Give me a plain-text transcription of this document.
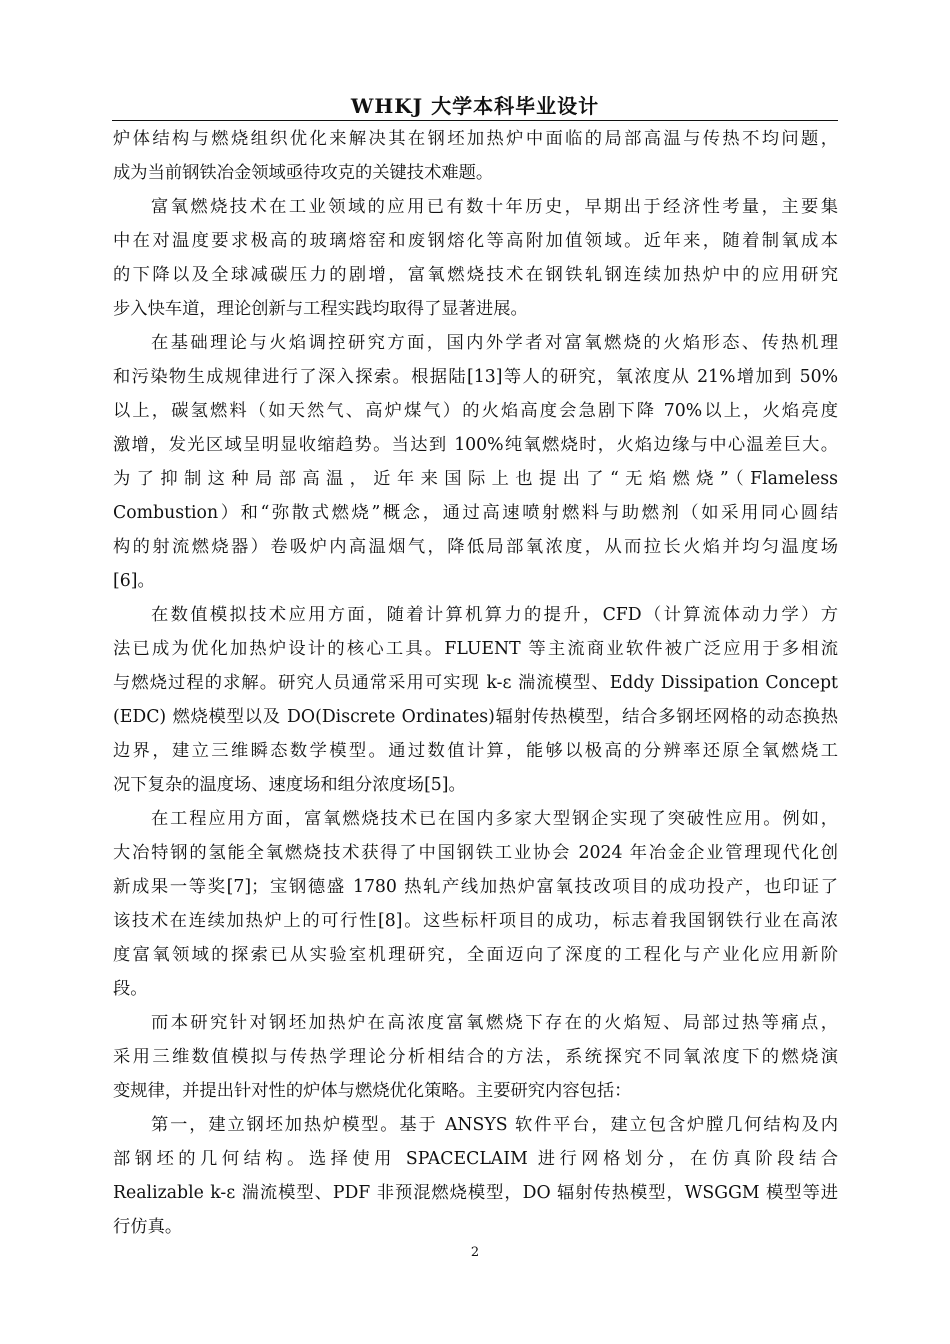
WHKJ 大学本科毕业设计
炉体结构与燃烧组织优化来解决其在钢坯加热炉中面临的局部高温与传热不均问题，
成为当前钢铁冶金领域亟待攻克的关键技术难题。
富氧燃烧技术在工业领域的应用已有数十年历史，早期出于经济性考量，主要集
中在对温度要求极高的玻璃熔窑和废钢熔化等高附加值领域。近年来，随着制氧成本
的下降以及全球减碳压力的剧增，富氧燃烧技术在钢铁轧钢连续加热炉中的应用研究
步入快车道，理论创新与工程实践均取得了显著进展。
在基础理论与火焰调控研究方面，国内外学者对富氧燃烧的火焰形态、传热机理
和污染物生成规律进行了深入探索。根据陆[13]等人的研究，氧浓度从 21%增加到 50%
以上，碳氢燃料（如天然气、高炉煤气）的火焰高度会急剧下降 70%以上，火焰亮度
激增，发光区域呈明显收缩趋势。当达到 100%纯氧燃烧时，火焰边缘与中心温差巨大。
为了抑制这种局部高温，近年来国际上也提出了“无焰燃烧”（Flameless
Combustion）和“弥散式燃烧”概念，通过高速喷射燃料与助燃剂（如采用同心圆结
构的射流燃烧器）卷吸炉内高温烟气，降低局部氧浓度，从而拉长火焰并均匀温度场
[6]。
在数值模拟技术应用方面，随着计算机算力的提升，CFD（计算流体动力学）方
法已成为优化加热炉设计的核心工具。FLUENT 等主流商业软件被广泛应用于多相流
与燃烧过程的求解。研究人员通常采用可实现 k-ε 湍流模型、Eddy Dissipation Concept
(EDC) 燃烧模型以及 DO(Discrete Ordinates)辐射传热模型，结合多钢坯网格的动态换热
边界，建立三维瞬态数学模型。通过数值计算，能够以极高的分辨率还原全氧燃烧工
况下复杂的温度场、速度场和组分浓度场[5]。
在工程应用方面，富氧燃烧技术已在国内多家大型钢企实现了突破性应用。例如，
大冶特钢的氢能全氧燃烧技术获得了中国钢铁工业协会 2024 年冶金企业管理现代化创
新成果一等奖[7]；宝钢德盛 1780 热轧产线加热炉富氧技改项目的成功投产，也印证了
该技术在连续加热炉上的可行性[8]。这些标杆项目的成功，标志着我国钢铁行业在高浓
度富氧领域的探索已从实验室机理研究，全面迈向了深度的工程化与产业化应用新阶
段。
而本研究针对钢坯加热炉在高浓度富氧燃烧下存在的火焰短、局部过热等痛点，
采用三维数值模拟与传热学理论分析相结合的方法，系统探究不同氧浓度下的燃烧演
变规律，并提出针对性的炉体与燃烧优化策略。主要研究内容包括：
第一，建立钢坯加热炉模型。基于 ANSYS 软件平台，建立包含炉膛几何结构及内
部钢坯的几何结构。选择使用 SPACECLAIM 进行网格划分，在仿真阶段结合
Realizable k-ε 湍流模型、PDF 非预混燃烧模型，DO 辐射传热模型，WSGGM 模型等进
行仿真。
2
